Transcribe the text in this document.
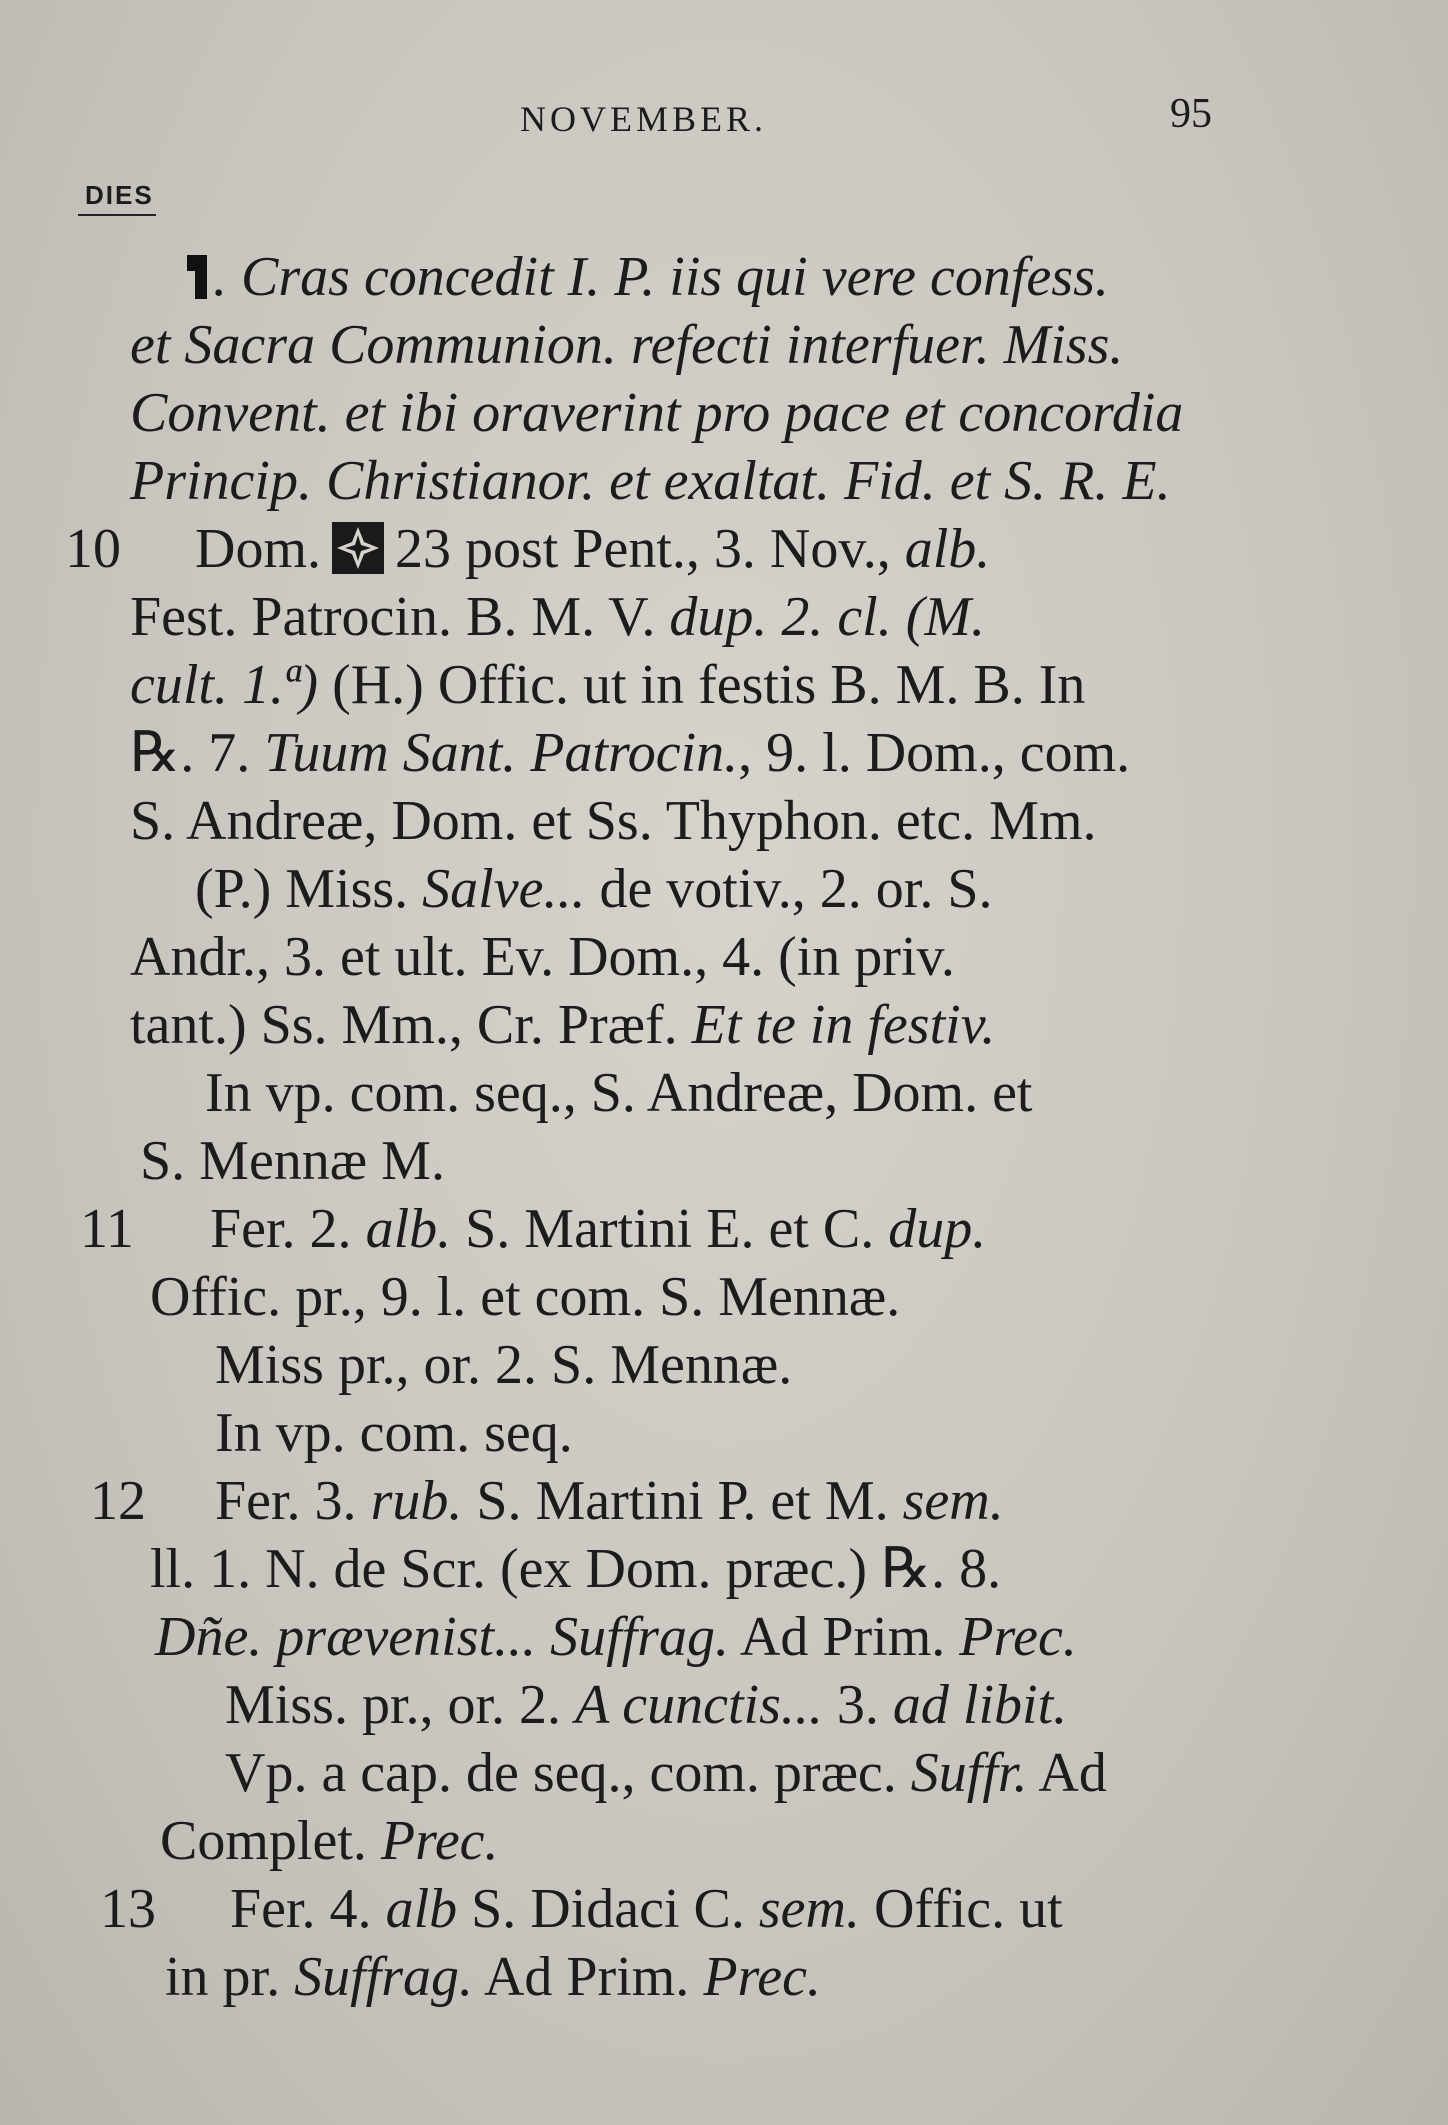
NOVEMBER.	95
DIES
. Cras concedit I. P. iis qui vere confess.
et Sacra Communion. refecti interfuer. Miss.
Convent. et ibi oraverint pro pace et concordia
Princip. Christianor. et exaltat. Fid. et S. R. E.
Dom. 23 post Pent., 3. Nov., alb.
Fest. Patrocin. B. M. V. dup. 2. cl. (M.
cult. 1.ª) (H.) Offic. ut in festis B. M. B. In
℞. 7. Tuum Sant. Patrocin., 9. l. Dom., com.
S. Andreæ, Dom. et Ss. Thyphon. etc. Mm.
(P.) Miss. Salve... de votiv., 2. or. S.
Andr., 3. et ult. Ev. Dom., 4. (in priv.
tant.) Ss. Mm., Cr. Præf. Et te in festiv.
In vp. com. seq., S. Andreæ, Dom. et
S. Mennæ M.
Fer. 2. alb. S. Martini E. et C. dup.
Offic. pr., 9. l. et com. S. Mennæ.
Miss pr., or. 2. S. Mennæ.
In vp. com. seq.
Fer. 3. rub. S. Martini P. et M. sem.
ll. 1. N. de Scr. (ex Dom. præc.) ℞. 8.
Dñe. prævenist... Suffrag. Ad Prim. Prec.
Miss. pr., or. 2. A cunctis... 3. ad libit.
Vp. a cap. de seq., com. præc. Suffr. Ad
Complet. Prec.
Fer. 4. alb S. Didaci C. sem. Offic. ut
in pr. Suffrag. Ad Prim. Prec.
10
11
12
13
